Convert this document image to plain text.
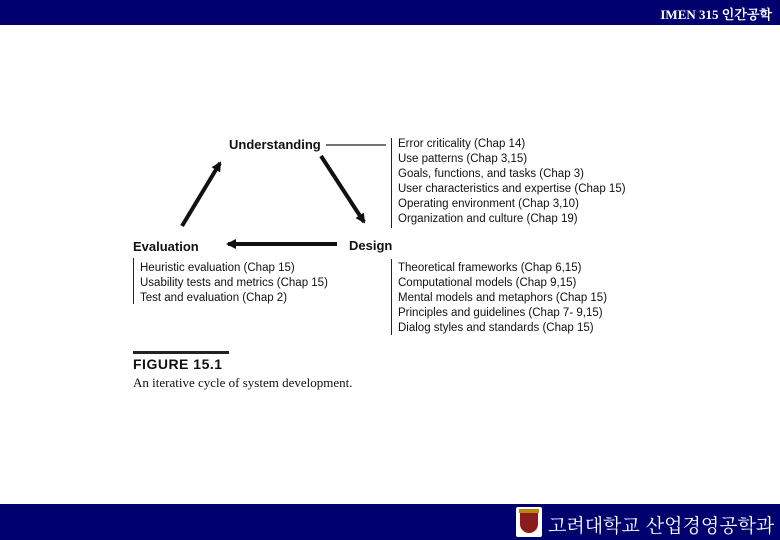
IMEN 315 인간공학
Understanding	Error criticality (Chap 14)
Use patterns (Chap 3,15)
Goals, functions, and tasks (Chap 3)
User characteristics and expertise (Chap 15)
Operating environment (Chap 3,10)
Organization and culture (Chap 19)
Design
Theoretical frameworks (Chap 6,15)
Computational models (Chap 9,15)
Mental models and metaphors (Chap 15)
Principles and guidelines (Chap 7- 9,15)
Dialog styles and standards (Chap 15)
Evaluation
Heuristic evaluation (Chap 15)
Usability tests and metrics (Chap 15)
Test and evaluation (Chap 2)
FIGURE 15.1
An iterative cycle of system development.
고려대학교 산업경영공학과
